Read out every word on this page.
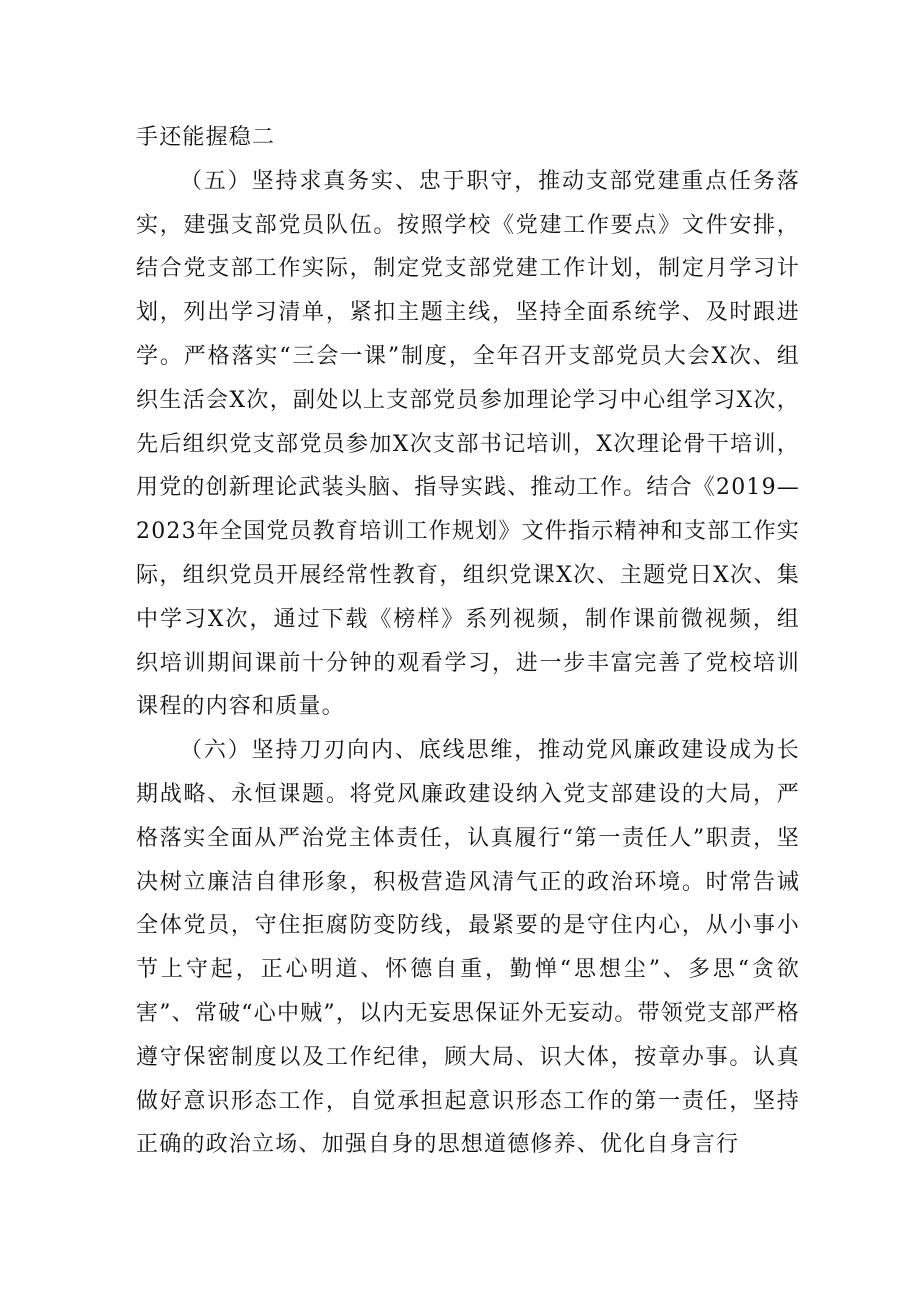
手还能握稳二

（五）坚持求真务实、忠于职守，推动支部党建重点任务落实，建强支部党员队伍。按照学校《党建工作要点》文件安排，结合党支部工作实际，制定党支部党建工作计划，制定月学习计划，列出学习清单，紧扣主题主线，坚持全面系统学、及时跟进学。严格落实“三会一课”制度，全年召开支部党员大会X次、组织生活会X次，副处以上支部党员参加理论学习中心组学习X次，先后组织党支部党员参加X次支部书记培训，X次理论骨干培训，用党的创新理论武装头脑、指导实践、推动工作。结合《2019—2023年全国党员教育培训工作规划》文件指示精神和支部工作实际，组织党员开展经常性教育，组织党课X次、主题党日X次、集中学习X次，通过下载《榜样》系列视频，制作课前微视频，组织培训期间课前十分钟的观看学习，进一步丰富完善了党校培训课程的内容和质量。

（六）坚持刀刃向内、底线思维，推动党风廉政建设成为长期战略、永恒课题。将党风廉政建设纳入党支部建设的大局，严格落实全面从严治党主体责任，认真履行“第一责任人”职责，坚决树立廉洁自律形象，积极营造风清气正的政治环境。时常告诫全体党员，守住拒腐防变防线，最紧要的是守住内心，从小事小节上守起，正心明道、怀德自重，勤惮“思想尘”、多思“贪欲害”、常破“心中贼”，以内无妄思保证外无妄动。带领党支部严格遵守保密制度以及工作纪律，顾大局、识大体，按章办事。认真做好意识形态工作，自觉承担起意识形态工作的第一责任，坚持正确的政治立场、加强自身的思想道德修养、优化自身言行
